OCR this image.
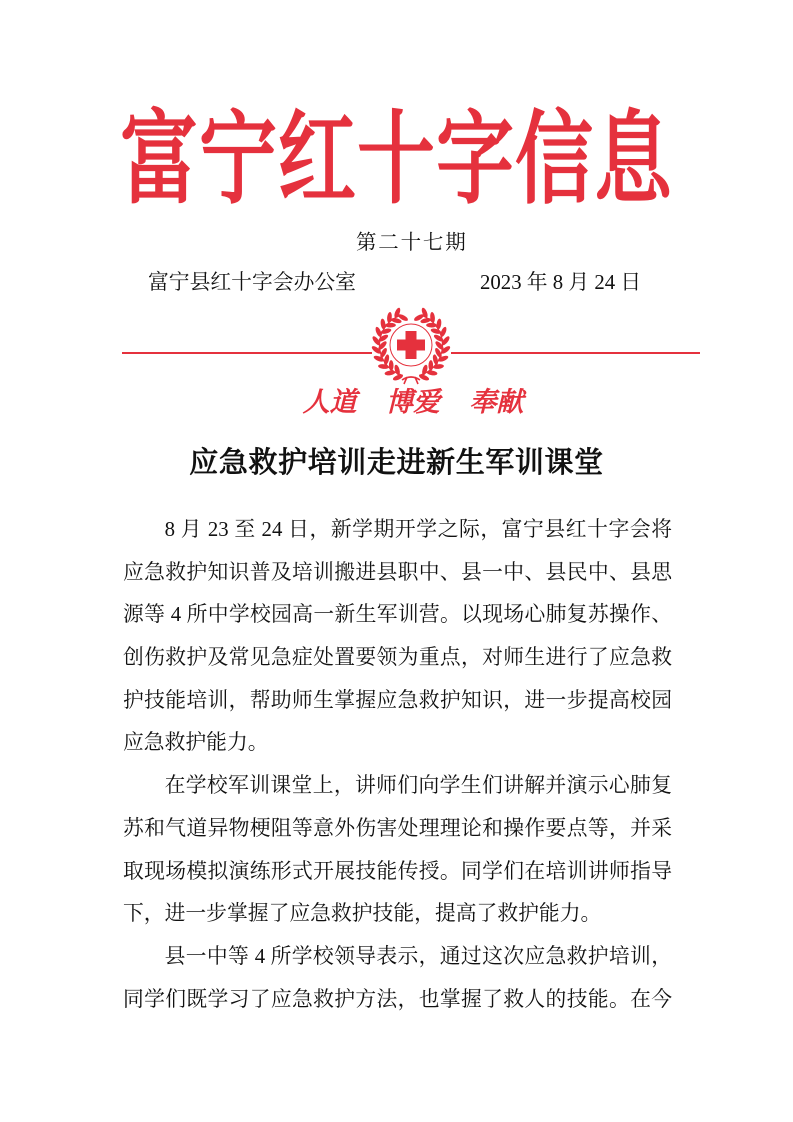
富宁红十字信息
第二十七期
富宁县红十字会办公室	2023 年 8 月 24 日
人道 博爱 奉献
应急救护培训走进新生军训课堂
8 月 23 至 24 日，新学期开学之际，富宁县红十字会将
应急救护知识普及培训搬进县职中、县一中、县民中、县思
源等 4 所中学校园高一新生军训营。以现场心肺复苏操作、
创伤救护及常见急症处置要领为重点，对师生进行了应急救
护技能培训，帮助师生掌握应急救护知识，进一步提高校园
应急救护能力。
在学校军训课堂上，讲师们向学生们讲解并演示心肺复
苏和气道异物梗阻等意外伤害处理理论和操作要点等，并采
取现场模拟演练形式开展技能传授。同学们在培训讲师指导
下，进一步掌握了应急救护技能，提高了救护能力。
县一中等 4 所学校领导表示，通过这次应急救护培训，
同学们既学习了应急救护方法，也掌握了救人的技能。在今
